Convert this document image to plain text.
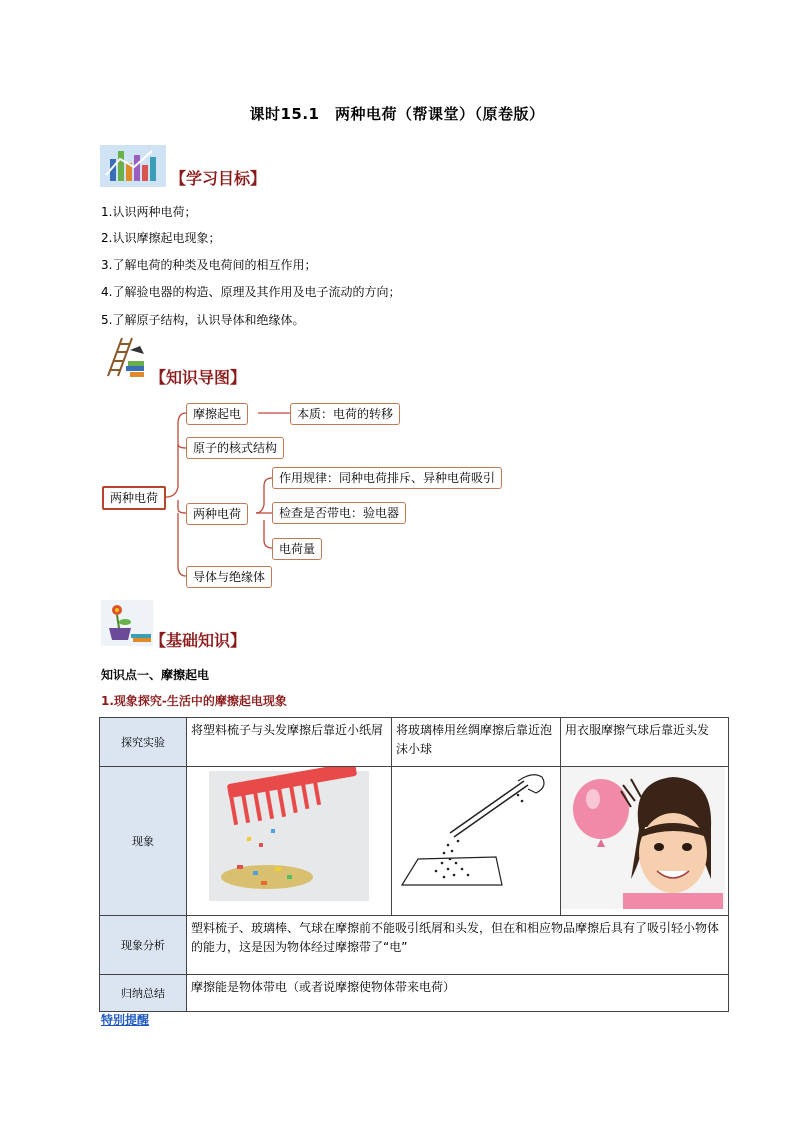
课时15.1　两种电荷（帮课堂）（原卷版）
【学习目标】
1.认识两种电荷；
2.认识摩擦起电现象；
3.了解电荷的种类及电荷间的相互作用；
4.了解验电器的构造、原理及其作用及电子流动的方向；
5.了解原子结构，认识导体和绝缘体。
【知识导图】
两种电荷
摩擦起电	本质：电荷的转移
原子的核式结构
两种电荷
作用规律：同种电荷排斥、异种电荷吸引
检查是否带电：验电器
电荷量
导体与绝缘体
【基础知识】
知识点一、摩擦起电
1.现象探究-生活中的摩擦起电现象
探究实验	将塑料梳子与头发摩擦后靠近小纸屑	将玻璃棒用丝绸摩擦后靠近泡沫小球	用衣服摩擦气球后靠近头发
现象			
现象分析	塑料梳子、玻璃棒、气球在摩擦前不能吸引纸屑和头发，但在和相应物品摩擦后具有了吸引轻小物体的能力，这是因为物体经过摩擦带了“电”		
归纳总结	摩擦能是物体带电（或者说摩擦使物体带来电荷）		
特别提醒
